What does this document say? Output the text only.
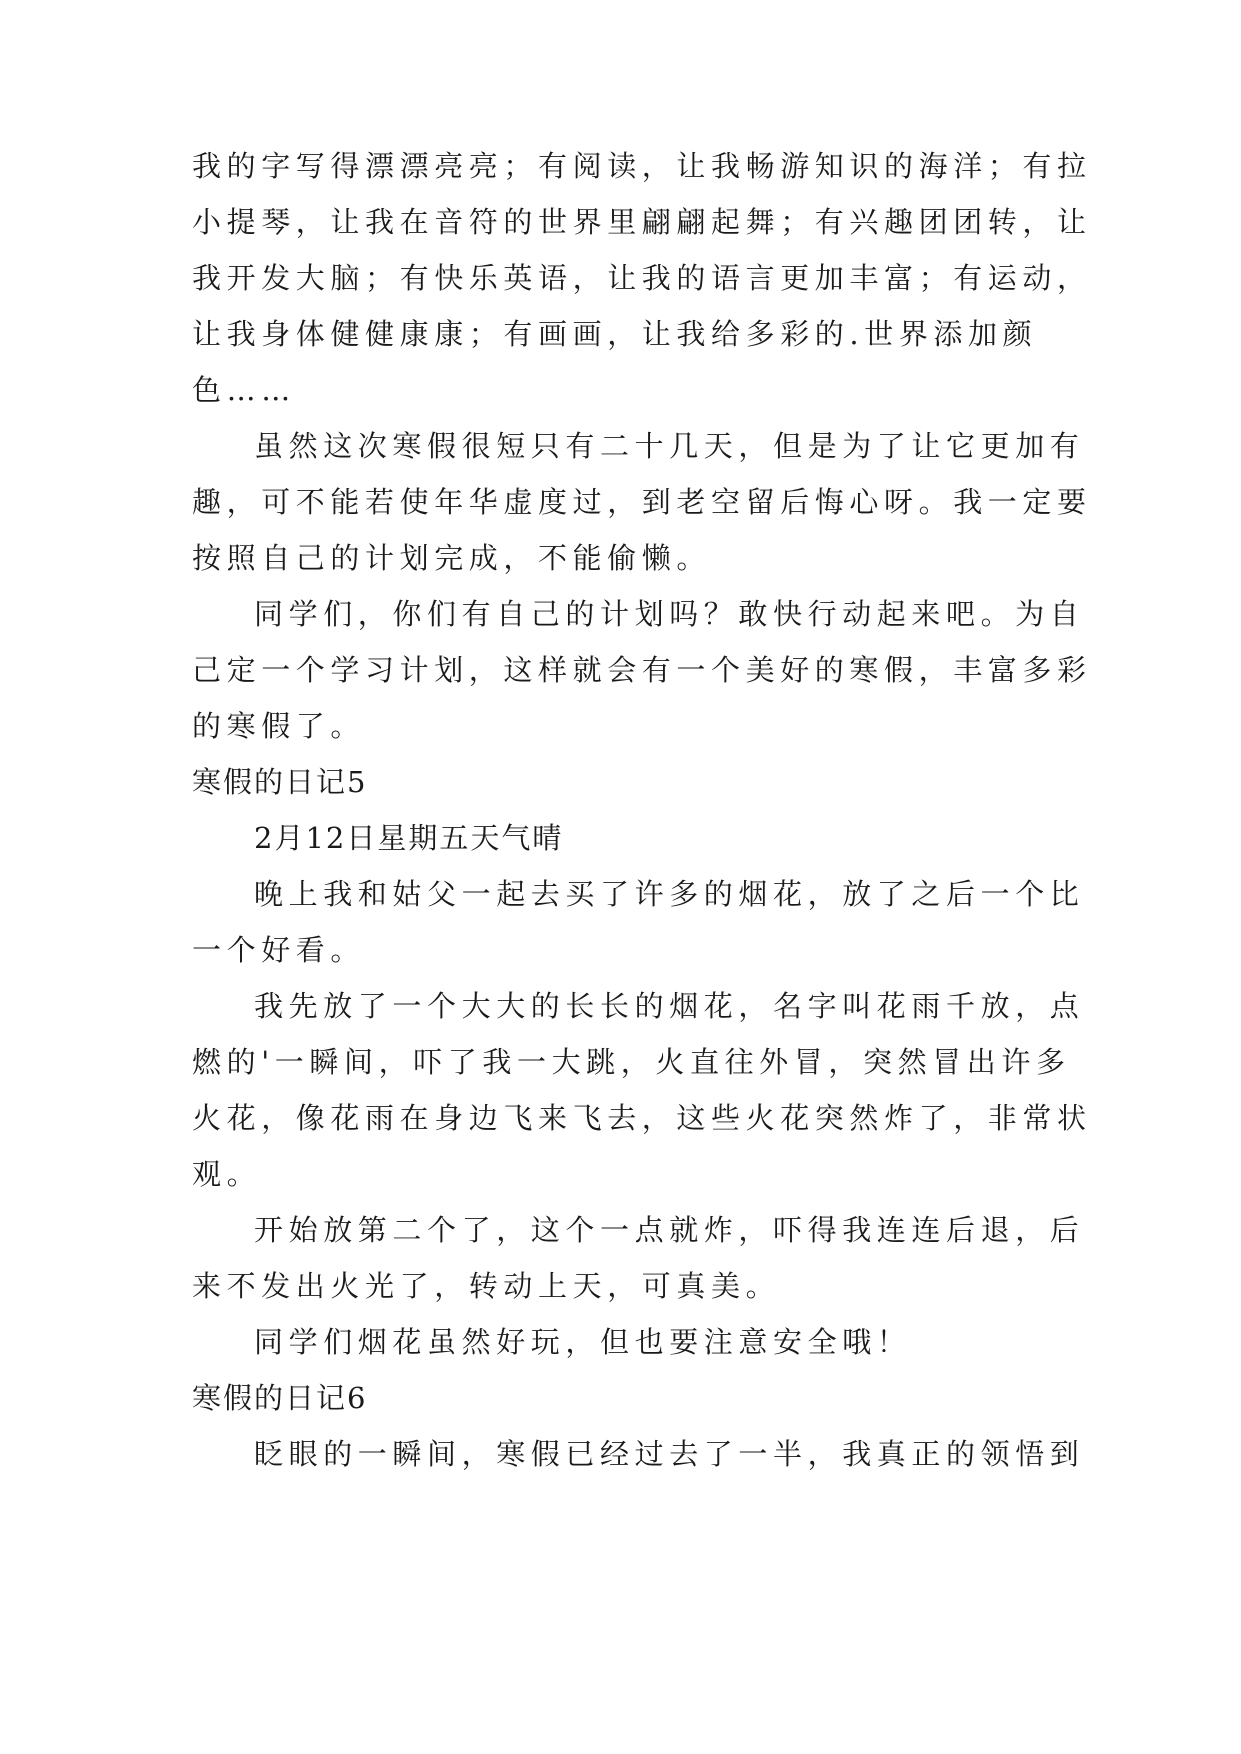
我的字写得漂漂亮亮；有阅读，让我畅游知识的海洋；有拉
小提琴，让我在音符的世界里翩翩起舞；有兴趣团团转，让
我开发大脑；有快乐英语，让我的语言更加丰富；有运动，
让我身体健健康康；有画画，让我给多彩的.世界添加颜
色……
虽然这次寒假很短只有二十几天，但是为了让它更加有
趣，可不能若使年华虚度过，到老空留后悔心呀。我一定要
按照自己的计划完成，不能偷懒。
同学们，你们有自己的计划吗？敢快行动起来吧。为自
己定一个学习计划，这样就会有一个美好的寒假，丰富多彩
的寒假了。
寒假的日记5
2月12日星期五天气晴
晚上我和姑父一起去买了许多的烟花，放了之后一个比
一个好看。
我先放了一个大大的长长的烟花，名字叫花雨千放，点
燃的'一瞬间，吓了我一大跳，火直往外冒，突然冒出许多
火花，像花雨在身边飞来飞去，这些火花突然炸了，非常状
观。
开始放第二个了，这个一点就炸，吓得我连连后退，后
来不发出火光了，转动上天，可真美。
同学们烟花虽然好玩，但也要注意安全哦！
寒假的日记6
眨眼的一瞬间，寒假已经过去了一半，我真正的领悟到
